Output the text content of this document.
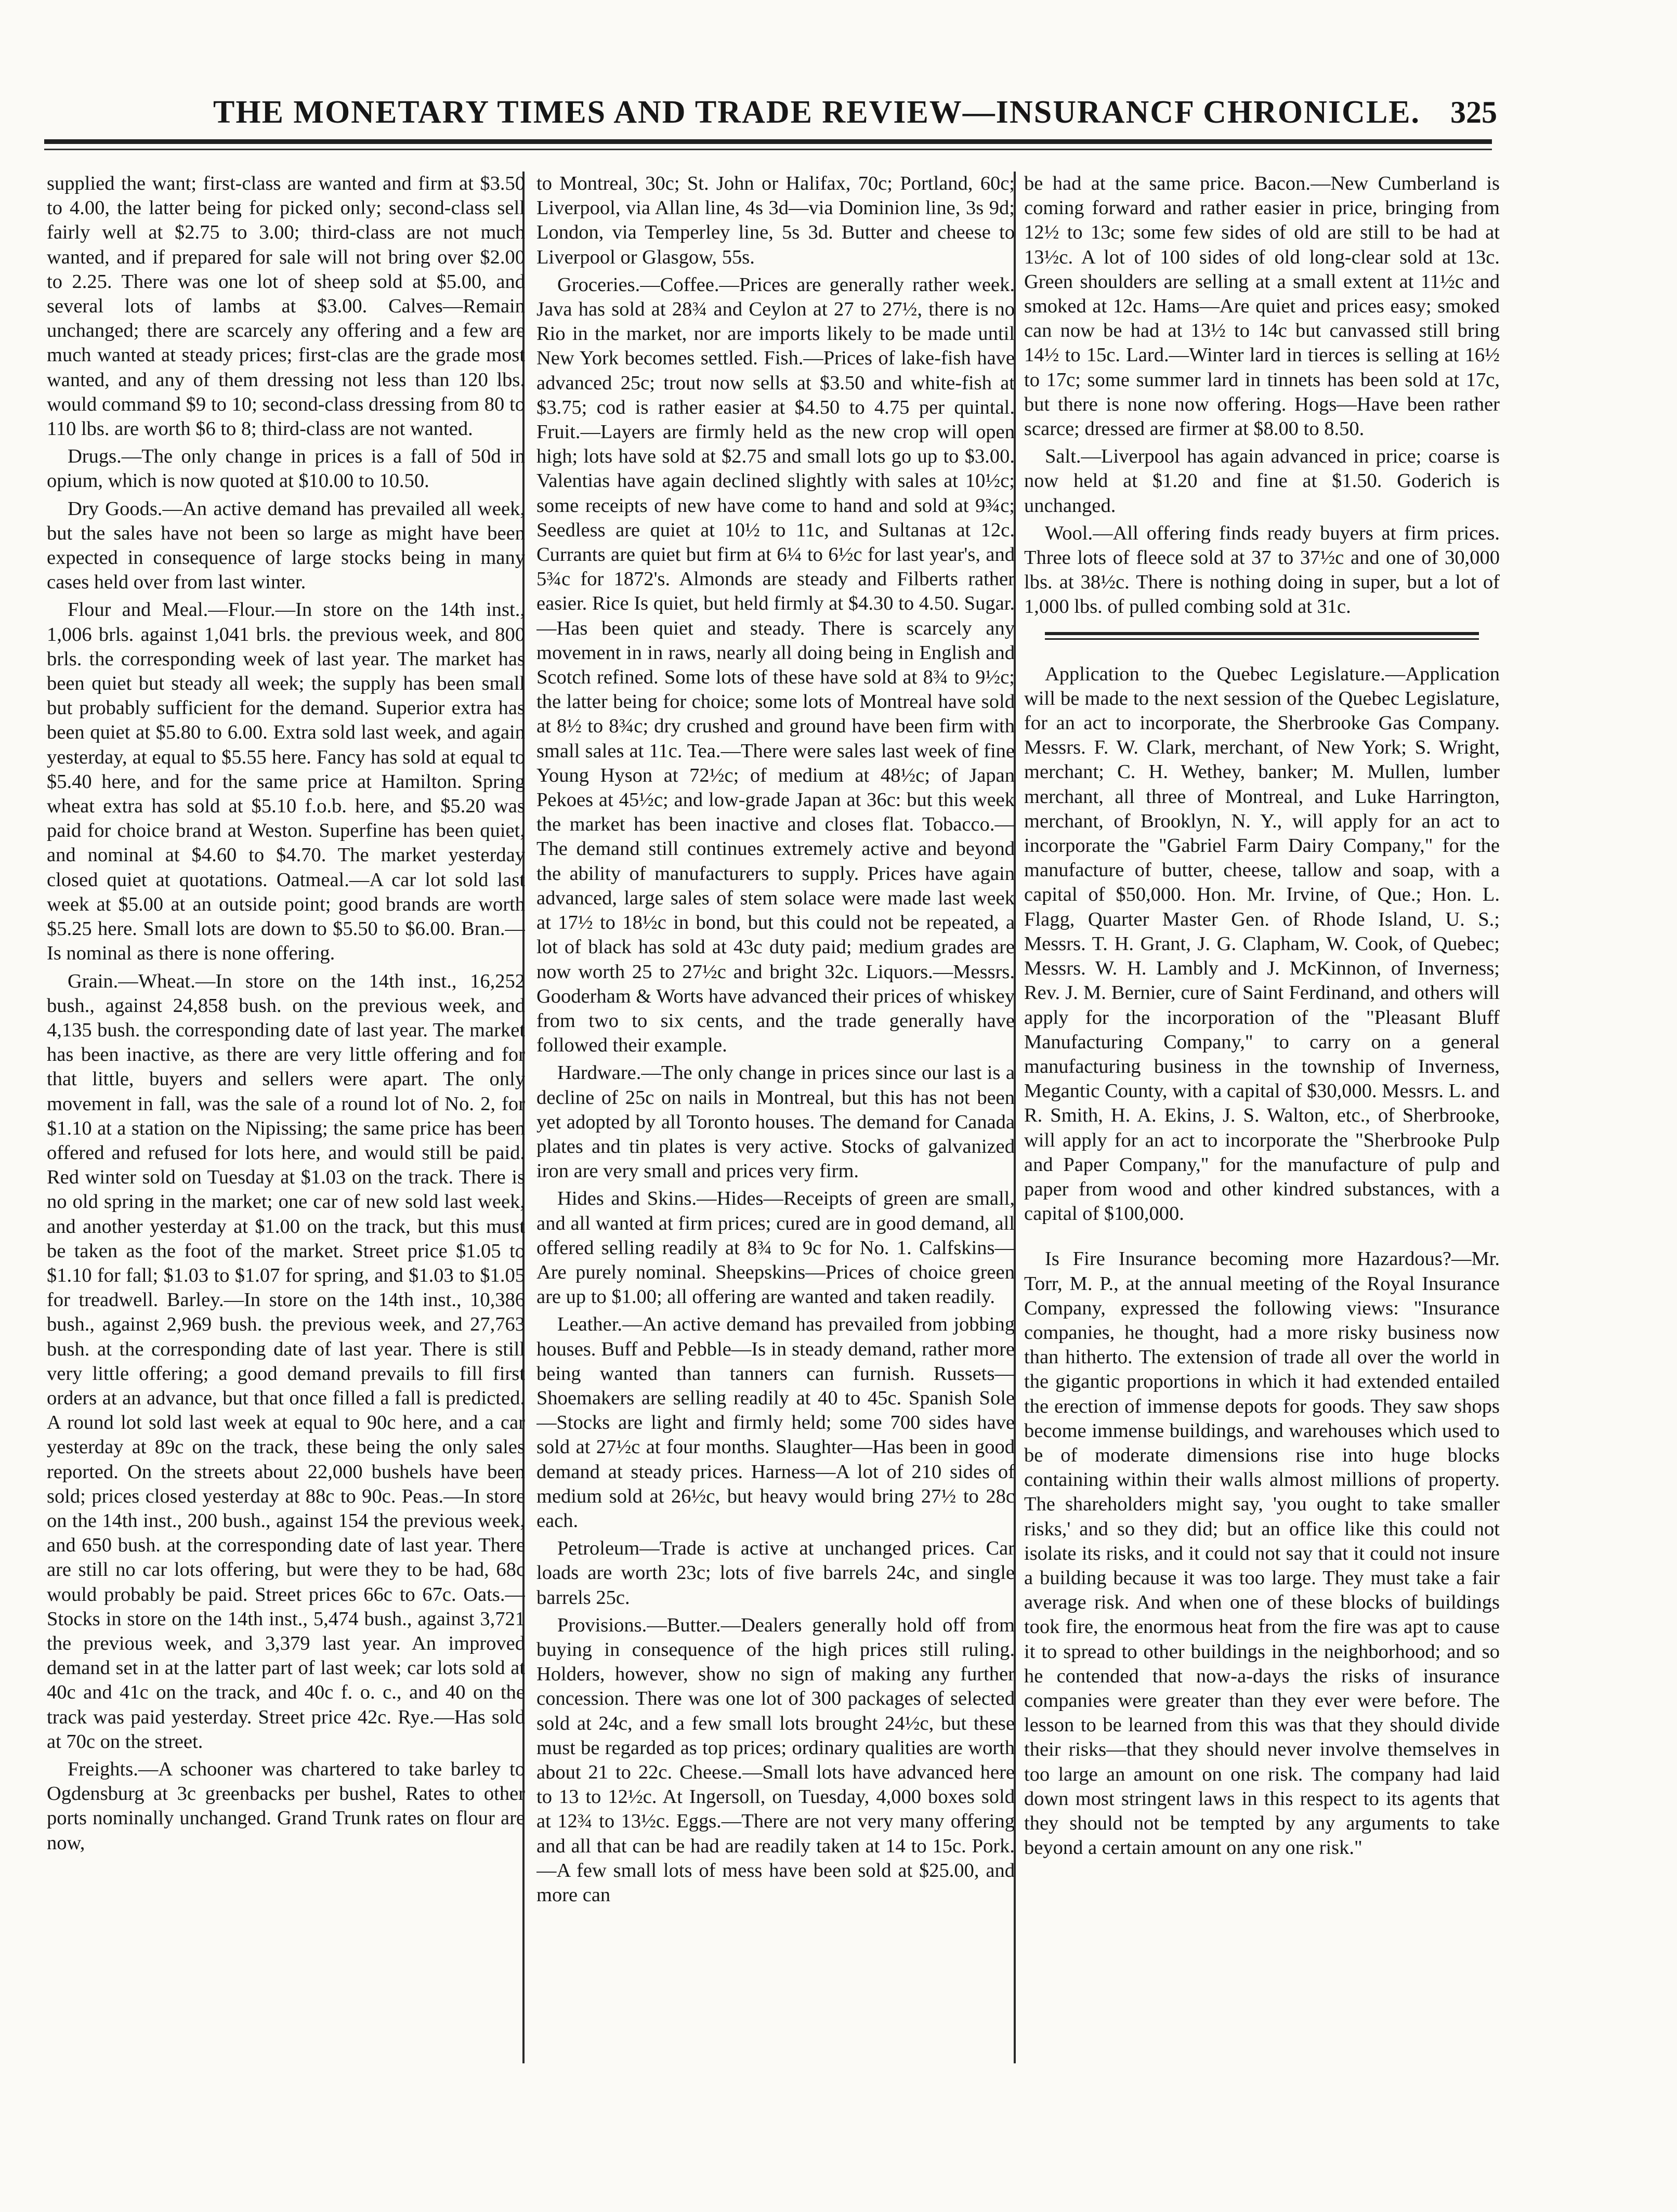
THE MONETARY TIMES AND TRADE REVIEW—INSURANCF CHRONICLE. 325

supplied the want; first-class are wanted and firm at $3.50 to 4.00, the latter being for picked only; second-class sell fairly well at $2.75 to 3.00; third-class are not much wanted, and if prepared for sale will not bring over $2.00 to 2.25. There was one lot of sheep sold at $5.00, and several lots of lambs at $3.00. Calves—Remain unchanged; there are scarcely any offering and a few are much wanted at steady prices; first-clas are the grade most wanted, and any of them dressing not less than 120 lbs. would command $9 to 10; second-class dressing from 80 to 110 lbs. are worth $6 to 8; third-class are not wanted.

Drugs.—The only change in prices is a fall of 50d in opium, which is now quoted at $10.00 to 10.50.

Dry Goods.—An active demand has prevailed all week, but the sales have not been so large as might have been expected in consequence of large stocks being in many cases held over from last winter.

Flour and Meal.—Flour.—In store on the 14th inst., 1,006 brls. against 1,041 brls. the previous week, and 800 brls. the corresponding week of last year. The market has been quiet but steady all week; the supply has been small but probably sufficient for the demand. Superior extra has been quiet at $5.80 to 6.00. Extra sold last week, and again yesterday, at equal to $5.55 here. Fancy has sold at equal to $5.40 here, and for the same price at Hamilton. Spring wheat extra has sold at $5.10 f.o.b. here, and $5.20 was paid for choice brand at Weston. Superfine has been quiet, and nominal at $4.60 to $4.70. The market yesterday closed quiet at quotations. Oatmeal.—A car lot sold last week at $5.00 at an outside point; good brands are worth $5.25 here. Small lots are down to $5.50 to $6.00. Bran.—Is nominal as there is none offering.

Grain.—Wheat.—In store on the 14th inst., 16,252 bush., against 24,858 bush. on the previous week, and 4,135 bush. the corresponding date of last year. The market has been inactive, as there are very little offering and for that little, buyers and sellers were apart. The only movement in fall, was the sale of a round lot of No. 2, for $1.10 at a station on the Nipissing; the same price has been offered and refused for lots here, and would still be paid. Red winter sold on Tuesday at $1.03 on the track. There is no old spring in the market; one car of new sold last week, and another yesterday at $1.00 on the track, but this must be taken as the foot of the market. Street price $1.05 to $1.10 for fall; $1.03 to $1.07 for spring, and $1.03 to $1.05 for treadwell. Barley.—In store on the 14th inst., 10,386 bush., against 2,969 bush. the previous week, and 27,763 bush. at the corresponding date of last year. There is still very little offering; a good demand prevails to fill first orders at an advance, but that once filled a fall is predicted. A round lot sold last week at equal to 90c here, and a car yesterday at 89c on the track, these being the only sales reported. On the streets about 22,000 bushels have been sold; prices closed yesterday at 88c to 90c. Peas.—In store on the 14th inst., 200 bush., against 154 the previous week, and 650 bush. at the corresponding date of last year. There are still no car lots offering, but were they to be had, 68c would probably be paid. Street prices 66c to 67c. Oats.—Stocks in store on the 14th inst., 5,474 bush., against 3,721 the previous week, and 3,379 last year. An improved demand set in at the latter part of last week; car lots sold at 40c and 41c on the track, and 40c f. o. c., and 40 on the track was paid yesterday. Street price 42c. Rye.—Has sold at 70c on the street.

Freights.—A schooner was chartered to take barley to Ogdensburg at 3c greenbacks per bushel, Rates to other ports nominally unchanged. Grand Trunk rates on flour are now,

to Montreal, 30c; St. John or Halifax, 70c; Portland, 60c; Liverpool, via Allan line, 4s 3d—via Dominion line, 3s 9d; London, via Temperley line, 5s 3d. Butter and cheese to Liverpool or Glasgow, 55s.

Groceries.—Coffee.—Prices are generally rather week. Java has sold at 28¾ and Ceylon at 27 to 27½, there is no Rio in the market, nor are imports likely to be made until New York becomes settled. Fish.—Prices of lake-fish have advanced 25c; trout now sells at $3.50 and white-fish at $3.75; cod is rather easier at $4.50 to 4.75 per quintal. Fruit.—Layers are firmly held as the new crop will open high; lots have sold at $2.75 and small lots go up to $3.00. Valentias have again declined slightly with sales at 10½c; some receipts of new have come to hand and sold at 9¾c; Seedless are quiet at 10½ to 11c, and Sultanas at 12c. Currants are quiet but firm at 6¼ to 6½c for last year's, and 5¾c for 1872's. Almonds are steady and Filberts rather easier. Rice Is quiet, but held firmly at $4.30 to 4.50. Sugar.—Has been quiet and steady. There is scarcely any movement in in raws, nearly all doing being in English and Scotch refined. Some lots of these have sold at 8¾ to 9½c; the latter being for choice; some lots of Montreal have sold at 8½ to 8¾c; dry crushed and ground have been firm with small sales at 11c. Tea.—There were sales last week of fine Young Hyson at 72½c; of medium at 48½c; of Japan Pekoes at 45½c; and low-grade Japan at 36c: but this week the market has been inactive and closes flat. Tobacco.—The demand still continues extremely active and beyond the ability of manufacturers to supply. Prices have again advanced, large sales of stem solace were made last week at 17½ to 18½c in bond, but this could not be repeated, a lot of black has sold at 43c duty paid; medium grades are now worth 25 to 27½c and bright 32c. Liquors.—Messrs. Gooderham & Worts have advanced their prices of whiskey from two to six cents, and the trade generally have followed their example.

Hardware.—The only change in prices since our last is a decline of 25c on nails in Montreal, but this has not been yet adopted by all Toronto houses. The demand for Canada plates and tin plates is very active. Stocks of galvanized iron are very small and prices very firm.

Hides and Skins.—Hides—Receipts of green are small, and all wanted at firm prices; cured are in good demand, all offered selling readily at 8¾ to 9c for No. 1. Calfskins—Are purely nominal. Sheepskins—Prices of choice green are up to $1.00; all offering are wanted and taken readily.

Leather.—An active demand has prevailed from jobbing houses. Buff and Pebble—Is in steady demand, rather more being wanted than tanners can furnish. Russets—Shoemakers are selling readily at 40 to 45c. Spanish Sole—Stocks are light and firmly held; some 700 sides have sold at 27½c at four months. Slaughter—Has been in good demand at steady prices. Harness—A lot of 210 sides of medium sold at 26½c, but heavy would bring 27½ to 28c each.

Petroleum—Trade is active at unchanged prices. Car loads are worth 23c; lots of five barrels 24c, and single barrels 25c.

Provisions.—Butter.—Dealers generally hold off from buying in consequence of the high prices still ruling. Holders, however, show no sign of making any further concession. There was one lot of 300 packages of selected sold at 24c, and a few small lots brought 24½c, but these must be regarded as top prices; ordinary qualities are worth about 21 to 22c. Cheese.—Small lots have advanced here to 13 to 12½c. At Ingersoll, on Tuesday, 4,000 boxes sold at 12¾ to 13½c. Eggs.—There are not very many offering and all that can be had are readily taken at 14 to 15c. Pork.—A few small lots of mess have been sold at $25.00, and more can

be had at the same price. Bacon.—New Cumberland is coming forward and rather easier in price, bringing from 12½ to 13c; some few sides of old are still to be had at 13½c. A lot of 100 sides of old long-clear sold at 13c. Green shoulders are selling at a small extent at 11½c and smoked at 12c. Hams—Are quiet and prices easy; smoked can now be had at 13½ to 14c but canvassed still bring 14½ to 15c. Lard.—Winter lard in tierces is selling at 16½ to 17c; some summer lard in tinnets has been sold at 17c, but there is none now offering. Hogs—Have been rather scarce; dressed are firmer at $8.00 to 8.50.

Salt.—Liverpool has again advanced in price; coarse is now held at $1.20 and fine at $1.50. Goderich is unchanged.

Wool.—All offering finds ready buyers at firm prices. Three lots of fleece sold at 37 to 37½c and one of 30,000 lbs. at 38½c. There is nothing doing in super, but a lot of 1,000 lbs. of pulled combing sold at 31c.

Application to the Quebec Legislature.—Application will be made to the next session of the Quebec Legislature, for an act to incorporate, the Sherbrooke Gas Company. Messrs. F. W. Clark, merchant, of New York; S. Wright, merchant; C. H. Wethey, banker; M. Mullen, lumber merchant, all three of Montreal, and Luke Harrington, merchant, of Brooklyn, N. Y., will apply for an act to incorporate the "Gabriel Farm Dairy Company," for the manufacture of butter, cheese, tallow and soap, with a capital of $50,000. Hon. Mr. Irvine, of Que.; Hon. L. Flagg, Quarter Master Gen. of Rhode Island, U. S.; Messrs. T. H. Grant, J. G. Clapham, W. Cook, of Quebec; Messrs. W. H. Lambly and J. McKinnon, of Inverness; Rev. J. M. Bernier, cure of Saint Ferdinand, and others will apply for the incorporation of the "Pleasant Bluff Manufacturing Company," to carry on a general manufacturing business in the township of Inverness, Megantic County, with a capital of $30,000. Messrs. L. and R. Smith, H. A. Ekins, J. S. Walton, etc., of Sherbrooke, will apply for an act to incorporate the "Sherbrooke Pulp and Paper Company," for the manufacture of pulp and paper from wood and other kindred substances, with a capital of $100,000.

Is Fire Insurance becoming more Hazardous?—Mr. Torr, M. P., at the annual meeting of the Royal Insurance Company, expressed the following views: "Insurance companies, he thought, had a more risky business now than hitherto. The extension of trade all over the world in the gigantic proportions in which it had extended entailed the erection of immense depots for goods. They saw shops become immense buildings, and warehouses which used to be of moderate dimensions rise into huge blocks containing within their walls almost millions of property. The shareholders might say, 'you ought to take smaller risks,' and so they did; but an office like this could not isolate its risks, and it could not say that it could not insure a building because it was too large. They must take a fair average risk. And when one of these blocks of buildings took fire, the enormous heat from the fire was apt to cause it to spread to other buildings in the neighborhood; and so he contended that now-a-days the risks of insurance companies were greater than they ever were before. The lesson to be learned from this was that they should divide their risks—that they should never involve themselves in too large an amount on one risk. The company had laid down most stringent laws in this respect to its agents that they should not be tempted by any arguments to take beyond a certain amount on any one risk."
